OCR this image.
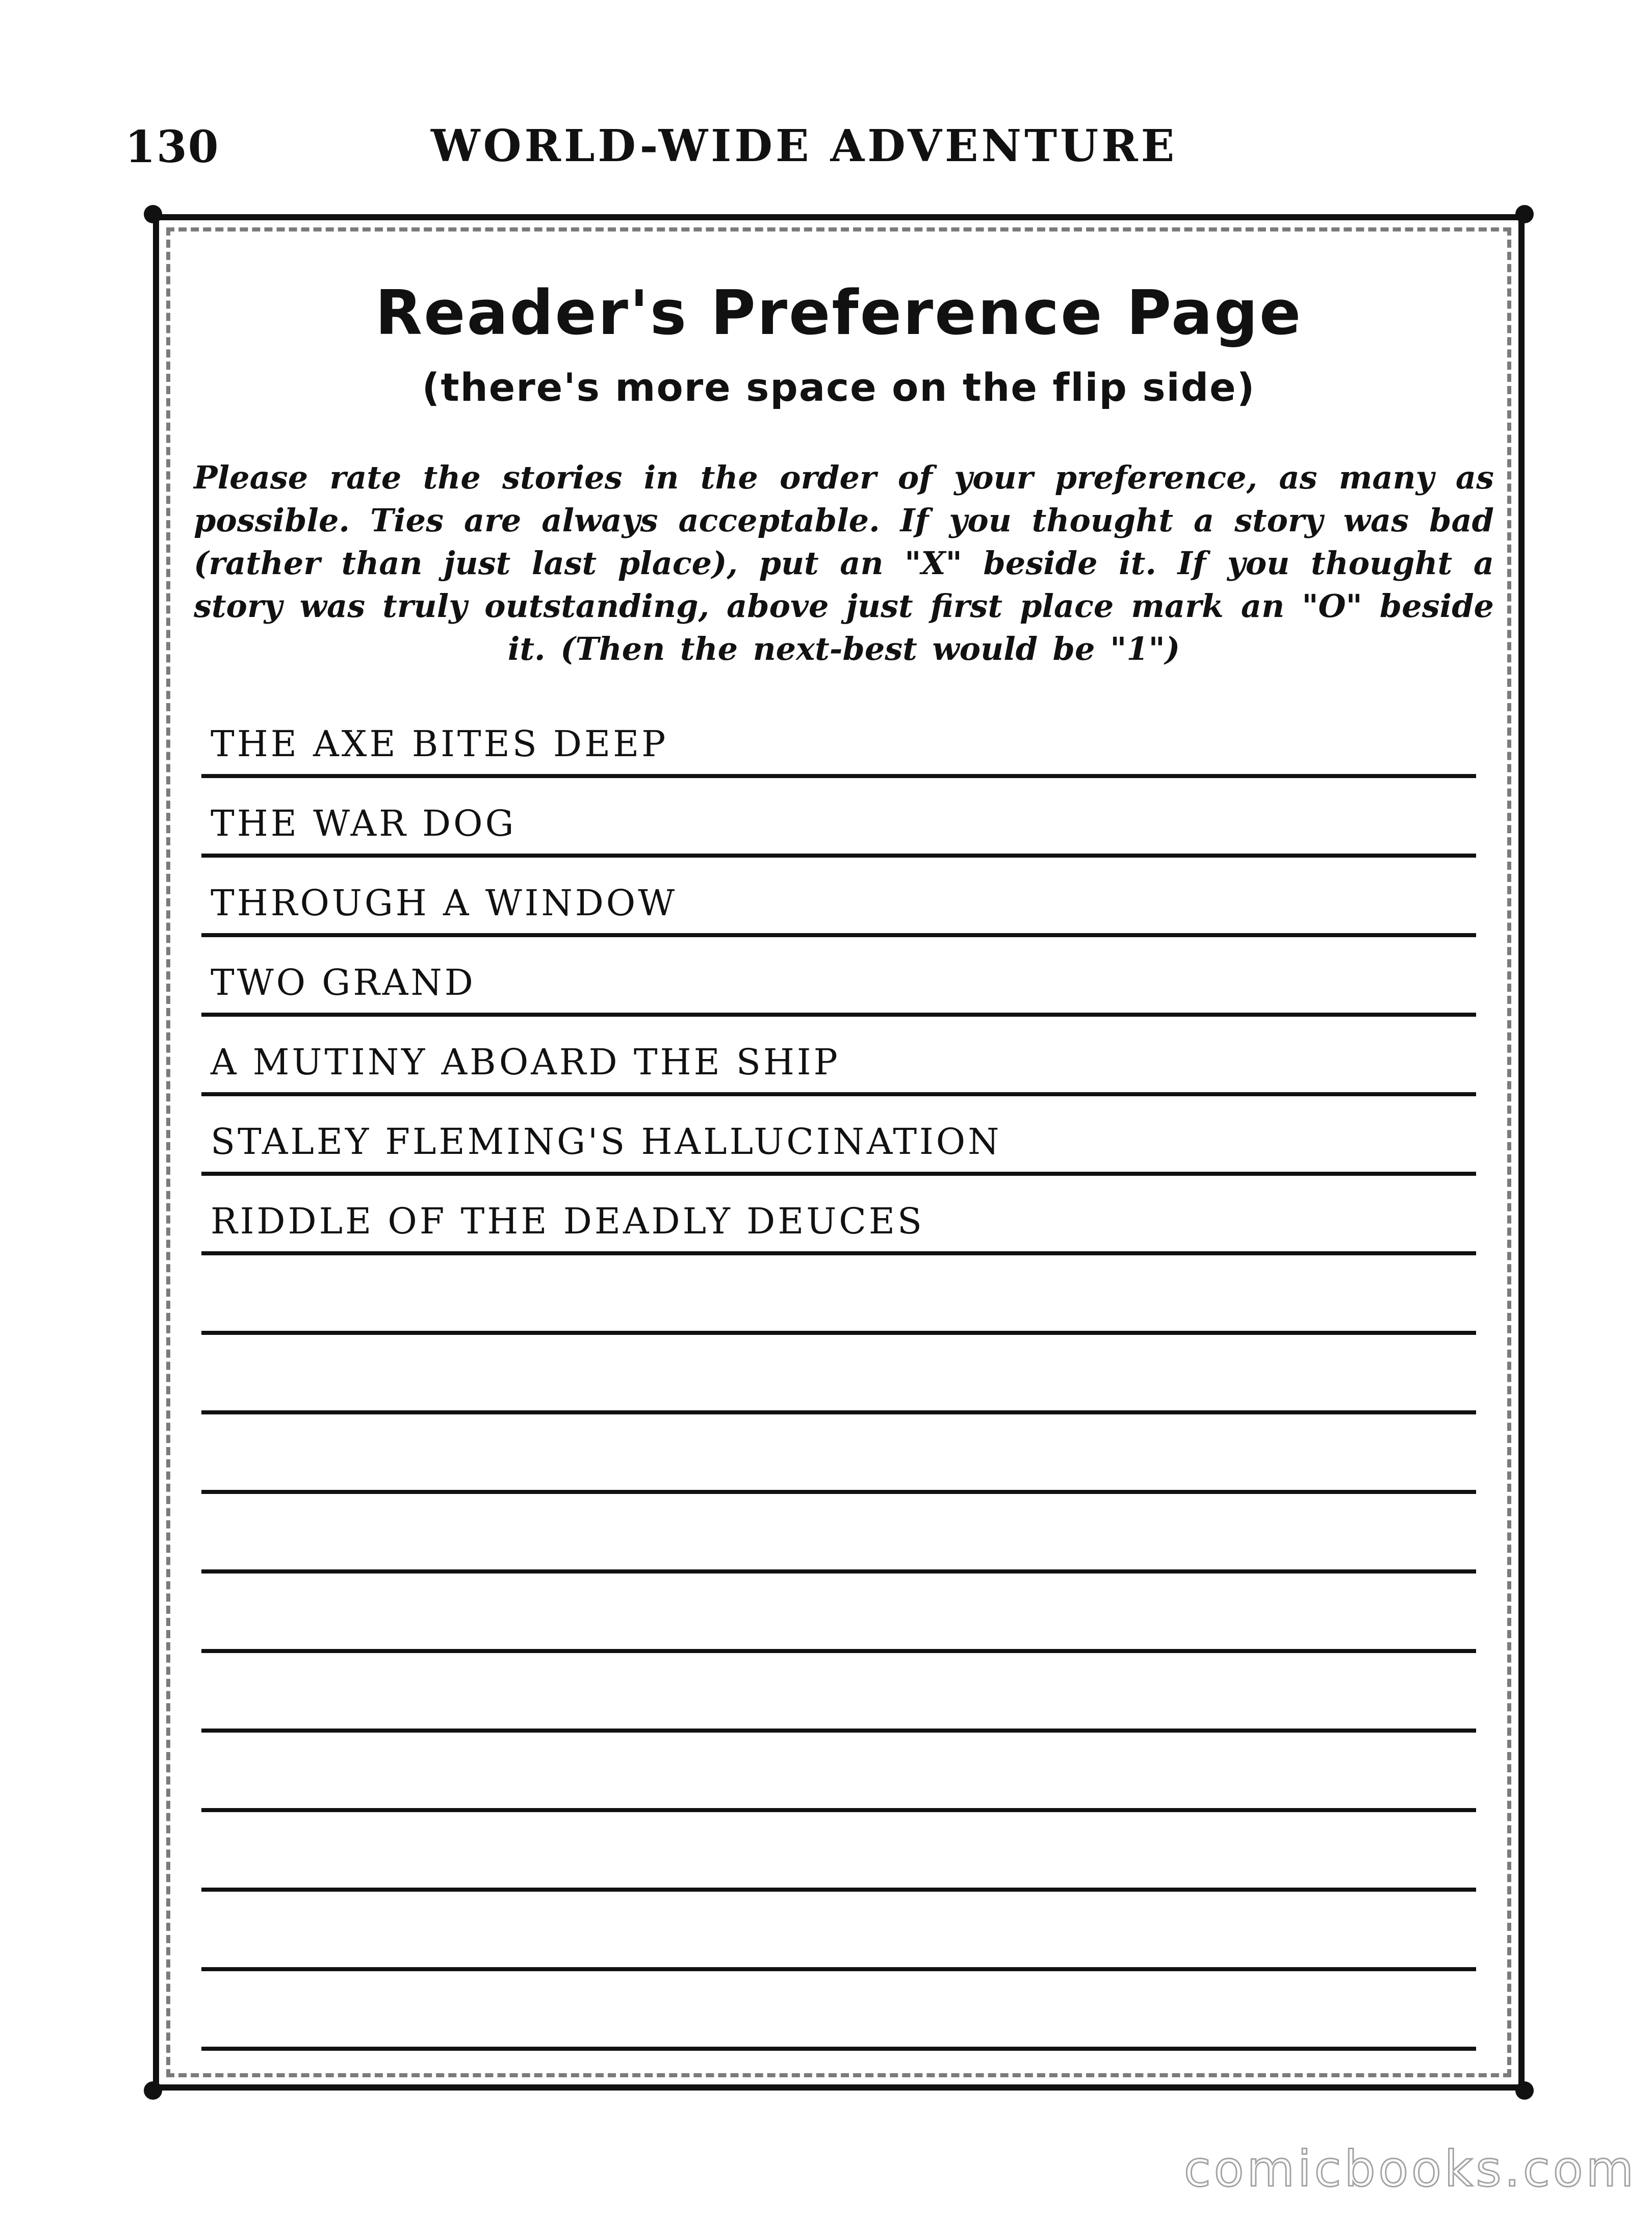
130	WORLD-WIDE ADVENTURE
Reader's Preference Page
(there's more space on the flip side)
Please rate the stories in the order of your preference, as many as possible. Ties are always acceptable. If you thought a story was bad (rather than just last place), put an "X" beside it. If you thought a story was truly outstanding, above just first place mark an "O" beside it. (Then the next-best would be "1")
THE AXE BITES DEEP
THE WAR DOG
THROUGH A WINDOW
TWO GRAND
A MUTINY ABOARD THE SHIP
STALEY FLEMING'S HALLUCINATION
RIDDLE OF THE DEADLY DEUCES
comicbooks.com
